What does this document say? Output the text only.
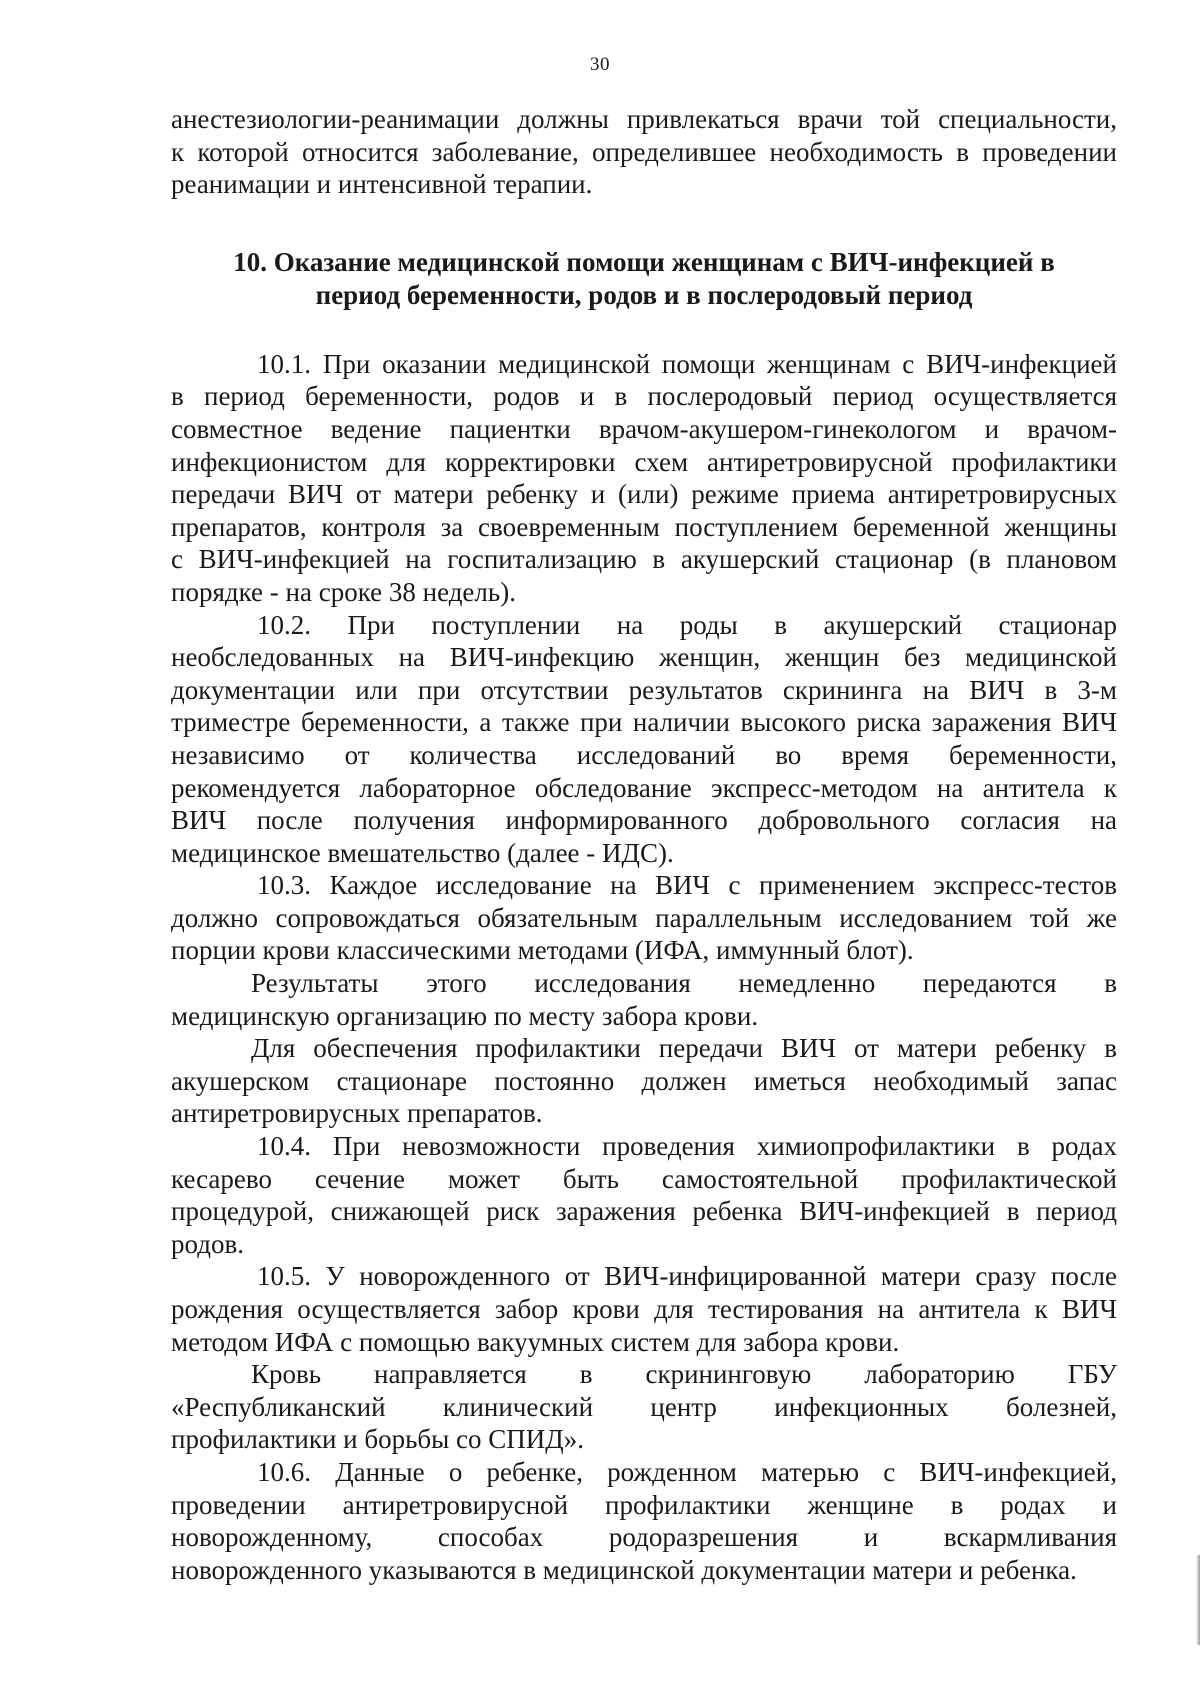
30
анестезиологии-реанимации должны привлекаться врачи той специальности,
к которой относится заболевание, определившее необходимость в проведении
реанимации и интенсивной терапии.
10. Оказание медицинской помощи женщинам с ВИЧ-инфекцией в
период беременности, родов и в послеродовый период
10.1. При оказании медицинской помощи женщинам с ВИЧ-инфекцией
в период беременности, родов и в послеродовый период осуществляется
совместное ведение пациентки врачом-акушером-гинекологом и врачом-
инфекционистом для корректировки схем антиретровирусной профилактики
передачи ВИЧ от матери ребенку и (или) режиме приема антиретровирусных
препаратов, контроля за своевременным поступлением беременной женщины
с ВИЧ-инфекцией на госпитализацию в акушерский стационар (в плановом
порядке - на сроке 38 недель).
10.2. При поступлении на роды в акушерский стационар
необследованных на ВИЧ-инфекцию женщин, женщин без медицинской
документации или при отсутствии результатов скрининга на ВИЧ в 3-м
триместре беременности, а также при наличии высокого риска заражения ВИЧ
независимо от количества исследований во время беременности,
рекомендуется лабораторное обследование экспресс-методом на антитела к
ВИЧ после получения информированного добровольного согласия на
медицинское вмешательство (далее - ИДС).
10.3. Каждое исследование на ВИЧ с применением экспресс-тестов
должно сопровождаться обязательным параллельным исследованием той же
порции крови классическими методами (ИФА, иммунный блот).
Результаты этого исследования немедленно передаются в
медицинскую организацию по месту забора крови.
Для обеспечения профилактики передачи ВИЧ от матери ребенку в
акушерском стационаре постоянно должен иметься необходимый запас
антиретровирусных препаратов.
10.4. При невозможности проведения химиопрофилактики в родах
кесарево сечение может быть самостоятельной профилактической
процедурой, снижающей риск заражения ребенка ВИЧ-инфекцией в период
родов.
10.5. У новорожденного от ВИЧ-инфицированной матери сразу после
рождения осуществляется забор крови для тестирования на антитела к ВИЧ
методом ИФА с помощью вакуумных систем для забора крови.
Кровь направляется в скрининговую лабораторию ГБУ
«Республиканский клинический центр инфекционных болезней,
профилактики и борьбы со СПИД».
10.6. Данные о ребенке, рожденном матерью с ВИЧ-инфекцией,
проведении антиретровирусной профилактики женщине в родах и
новорожденному, способах родоразрешения и вскармливания
новорожденного указываются в медицинской документации матери и ребенка.
